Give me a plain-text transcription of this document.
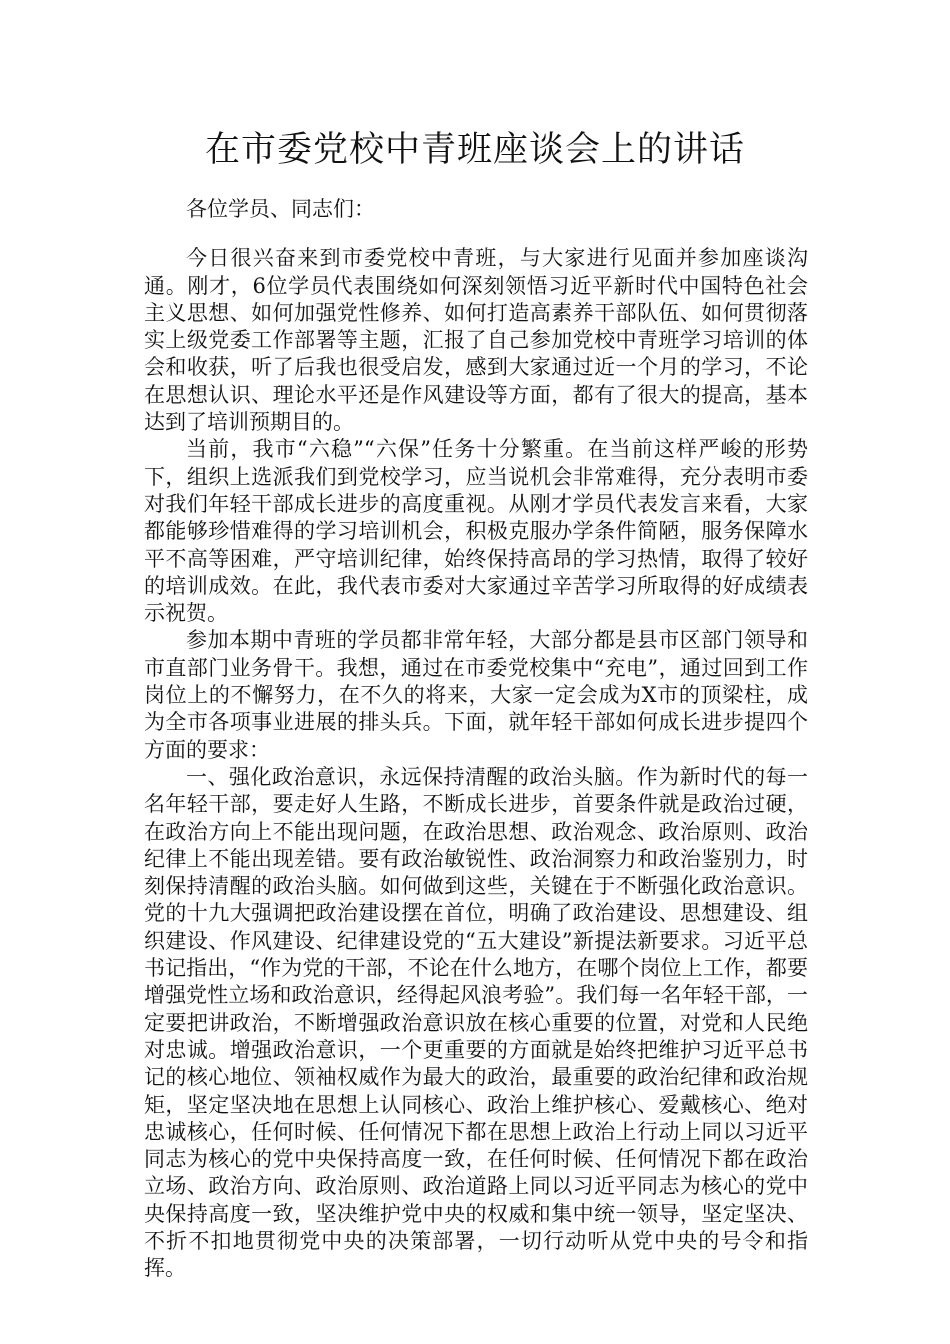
在市委党校中青班座谈会上的讲话

各位学员、同志们：

今日很兴奋来到市委党校中青班，与大家进行见面并参加座谈沟通。刚才，6位学员代表围绕如何深刻领悟习近平新时代中国特色社会主义思想、如何加强党性修养、如何打造高素养干部队伍、如何贯彻落实上级党委工作部署等主题，汇报了自己参加党校中青班学习培训的体会和收获，听了后我也很受启发，感到大家通过近一个月的学习，不论在思想认识、理论水平还是作风建设等方面，都有了很大的提高，基本达到了培训预期目的。

当前，我市“六稳”“六保”任务十分繁重。在当前这样严峻的形势下，组织上选派我们到党校学习，应当说机会非常难得，充分表明市委对我们年轻干部成长进步的高度重视。从刚才学员代表发言来看，大家都能够珍惜难得的学习培训机会，积极克服办学条件简陋，服务保障水平不高等困难，严守培训纪律，始终保持高昂的学习热情，取得了较好的培训成效。在此，我代表市委对大家通过辛苦学习所取得的好成绩表示祝贺。

参加本期中青班的学员都非常年轻，大部分都是县市区部门领导和市直部门业务骨干。我想，通过在市委党校集中“充电”，通过回到工作岗位上的不懈努力，在不久的将来，大家一定会成为X市的顶梁柱，成为全市各项事业进展的排头兵。下面，就年轻干部如何成长进步提四个方面的要求：

一、强化政治意识，永远保持清醒的政治头脑。作为新时代的每一名年轻干部，要走好人生路，不断成长进步，首要条件就是政治过硬，在政治方向上不能出现问题，在政治思想、政治观念、政治原则、政治纪律上不能出现差错。要有政治敏锐性、政治洞察力和政治鉴别力，时刻保持清醒的政治头脑。如何做到这些，关键在于不断强化政治意识。党的十九大强调把政治建设摆在首位，明确了政治建设、思想建设、组织建设、作风建设、纪律建设党的“五大建设”新提法新要求。习近平总书记指出，“作为党的干部，不论在什么地方，在哪个岗位上工作，都要增强党性立场和政治意识，经得起风浪考验”。我们每一名年轻干部，一定要把讲政治，不断增强政治意识放在核心重要的位置，对党和人民绝对忠诚。增强政治意识，一个更重要的方面就是始终把维护习近平总书记的核心地位、领袖权威作为最大的政治，最重要的政治纪律和政治规矩，坚定坚决地在思想上认同核心、政治上维护核心、爱戴核心、绝对忠诚核心，任何时候、任何情况下都在思想上政治上行动上同以习近平同志为核心的党中央保持高度一致，在任何时候、任何情况下都在政治立场、政治方向、政治原则、政治道路上同以习近平同志为核心的党中央保持高度一致，坚决维护党中央的权威和集中统一领导，坚定坚决、不折不扣地贯彻党中央的决策部署，一切行动听从党中央的号令和指挥。
